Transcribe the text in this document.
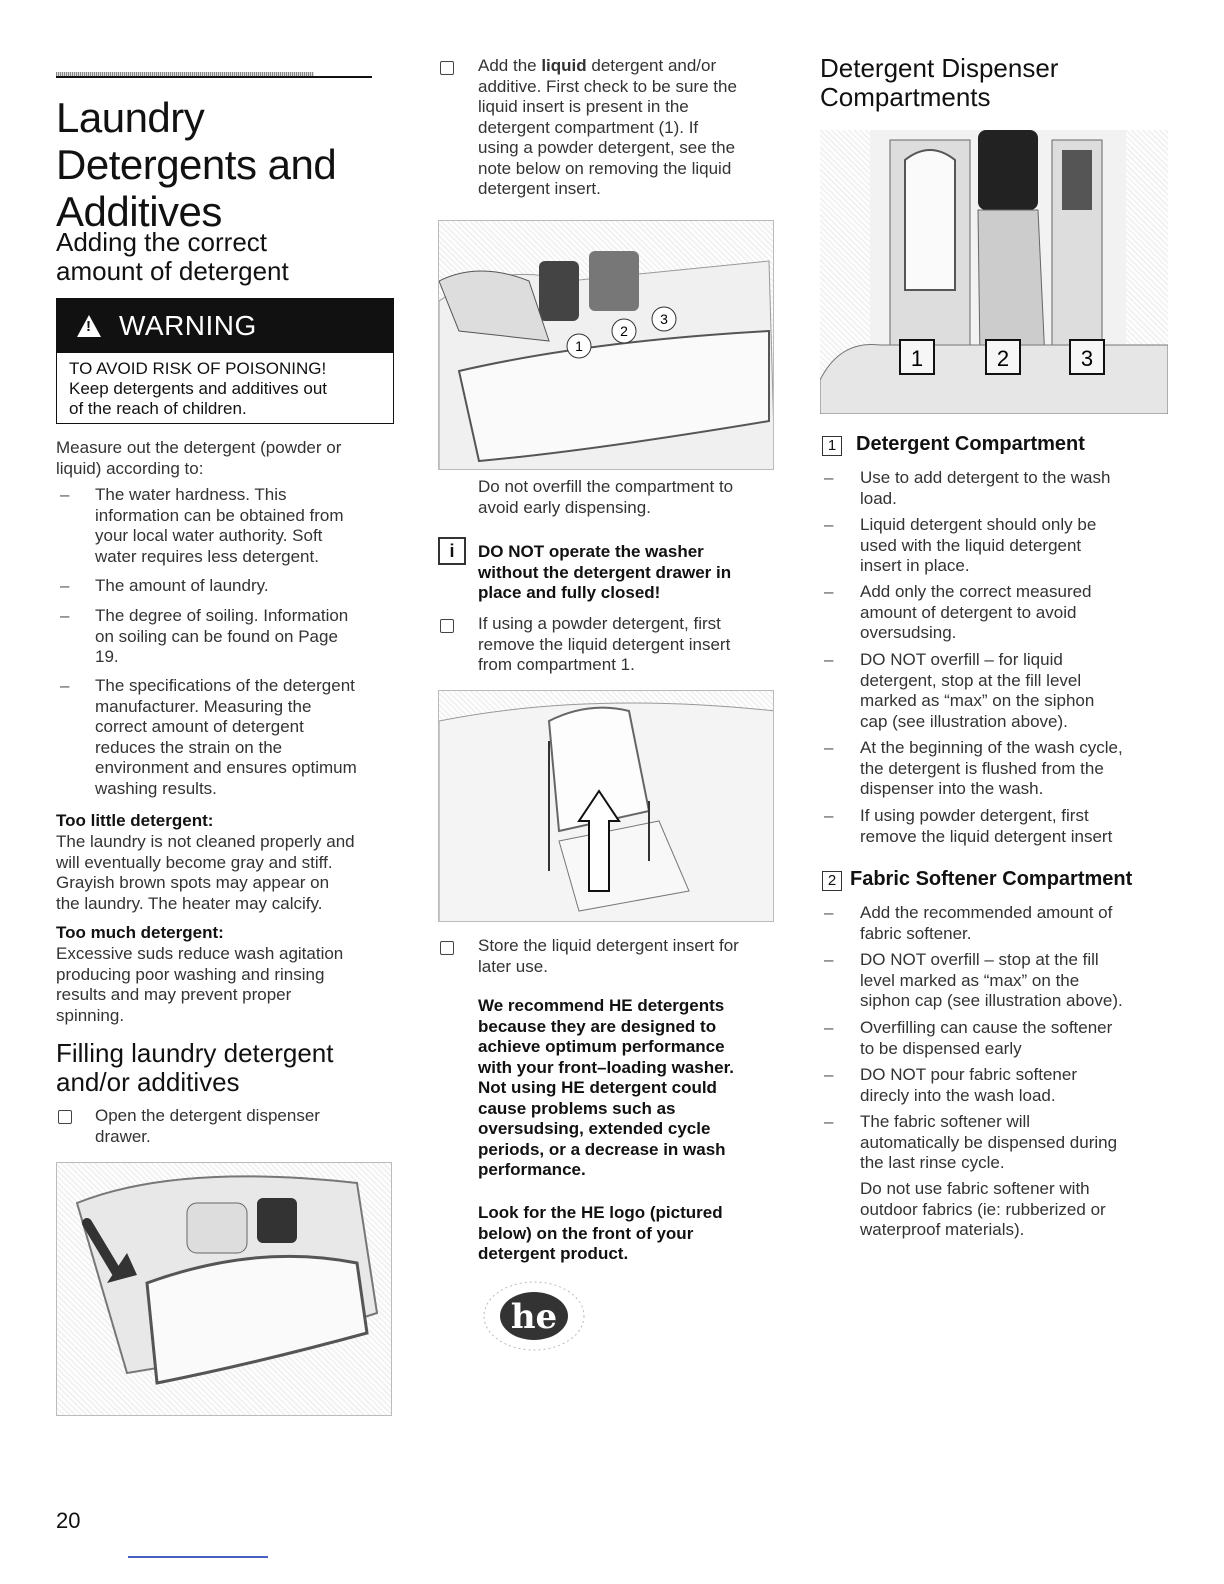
Laundry
Detergents and
Additives
Adding the correct
amount of detergent
! WARNING
TO AVOID RISK OF POISONING!
Keep detergents and additives out
of the reach of children.
Measure out the detergent (powder or
liquid) according to:
– The water hardness. This
information can be obtained from
your local water authority. Soft
water requires less detergent.
– The amount of laundry.
– The degree of soiling. Information
on soiling can be found on Page
19.
– The specifications of the detergent
manufacturer. Measuring the
correct amount of detergent
reduces the strain on the
environment and ensures optimum
washing results.
Too little detergent:
The laundry is not cleaned properly and
will eventually become gray and stiff.
Grayish brown spots may appear on
the laundry. The heater may calcify.
Too much detergent:
Excessive suds reduce wash agitation
producing poor washing and rinsing
results and may prevent proper
spinning.
Filling laundry detergent
and/or additives
Open the detergent dispenser
drawer.
20
Add the liquid detergent and/or
additive. First check to be sure the
liquid insert is present in the
detergent compartment (1). If
using a powder detergent, see the
note below on removing the liquid
detergent insert.
1
2
3
Do not overfill the compartment to
avoid early dispensing.
i	DO NOT operate the washer
without the detergent drawer in
place and fully closed!
If using a powder detergent, first
remove the liquid detergent insert
from compartment 1.
Store the liquid detergent insert for
later use.
We recommend HE detergents
because they are designed to
achieve optimum performance
with your front–loading washer.
Not using HE detergent could
cause problems such as
oversudsing, extended cycle
periods, or a decrease in wash
performance.
Look for the HE logo (pictured
below) on the front of your
detergent product.
he
Detergent Dispenser
Compartments
1	2	3
1 Detergent Compartment
– Use to add detergent to the wash
load.
– Liquid detergent should only be
used with the liquid detergent
insert in place.
– Add only the correct measured
amount of detergent to avoid
oversudsing.
– DO NOT overfill – for liquid
detergent, stop at the fill level
marked as “max” on the siphon
cap (see illustration above).
– At the beginning of the wash cycle,
the detergent is flushed from the
dispenser into the wash.
– If using powder detergent, first
remove the liquid detergent insert
2 Fabric Softener Compartment
– Add the recommended amount of
fabric softener.
– DO NOT overfill – stop at the fill
level marked as “max” on the
siphon cap (see illustration above).
– Overfilling can cause the softener
to be dispensed early
– DO NOT pour fabric softener
direcly into the wash load.
– The fabric softener will
automatically be dispensed during
the last rinse cycle.
Do not use fabric softener with
outdoor fabrics (ie: rubberized or
waterproof materials).
